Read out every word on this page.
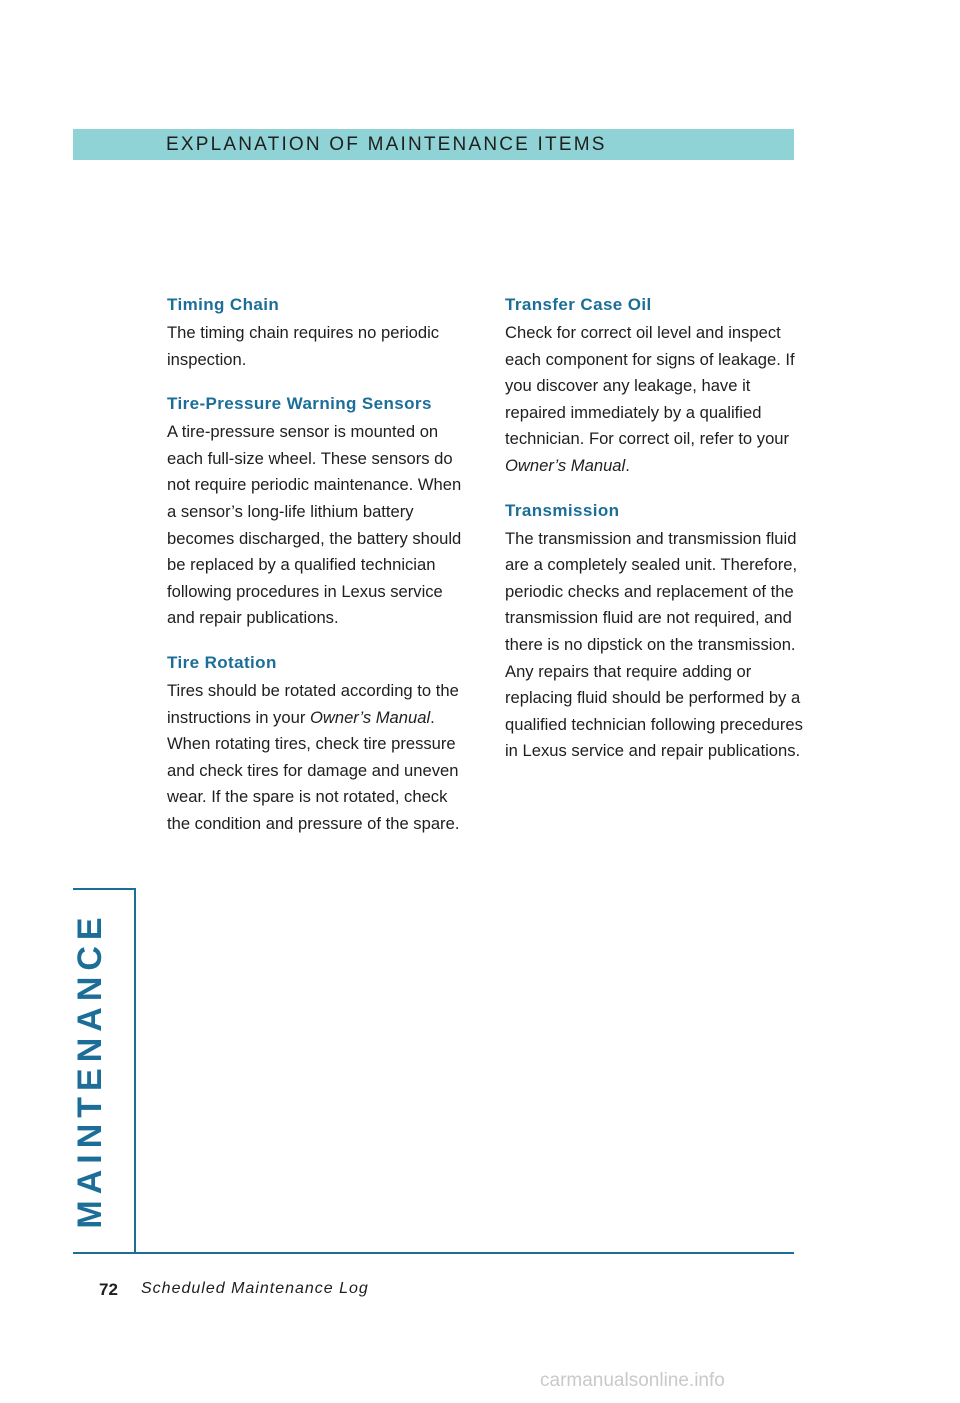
EXPLANATION OF MAINTENANCE ITEMS
Timing Chain

The timing chain requires no periodic inspection.

Tire-Pressure Warning Sensors

A tire-pressure sensor is mounted on each full-size wheel. These sensors do not require periodic maintenance. When a sensor’s long-life lithium battery becomes discharged, the battery should be replaced by a qualified technician following procedures in Lexus service and repair publications.

Tire Rotation

Tires should be rotated according to the instructions in your Owner’s Manual. When rotating tires, check tire pressure and check tires for damage and uneven wear. If the spare is not rotated, check the condition and pressure of the spare.

Transfer Case Oil

Check for correct oil level and inspect each component for signs of leakage. If you discover any leakage, have it repaired immediately by a qualified technician. For correct oil, refer to your Owner’s Manual.

Transmission

The transmission and transmission fluid are a completely sealed unit. Therefore, periodic checks and replacement of the transmission fluid are not required, and there is no dipstick on the transmission. Any repairs that require adding or replacing fluid should be performed by a qualified technician following precedures in Lexus service and repair publications.

MAINTENANCE
72 Scheduled Maintenance Log
carmanualsonline.info
